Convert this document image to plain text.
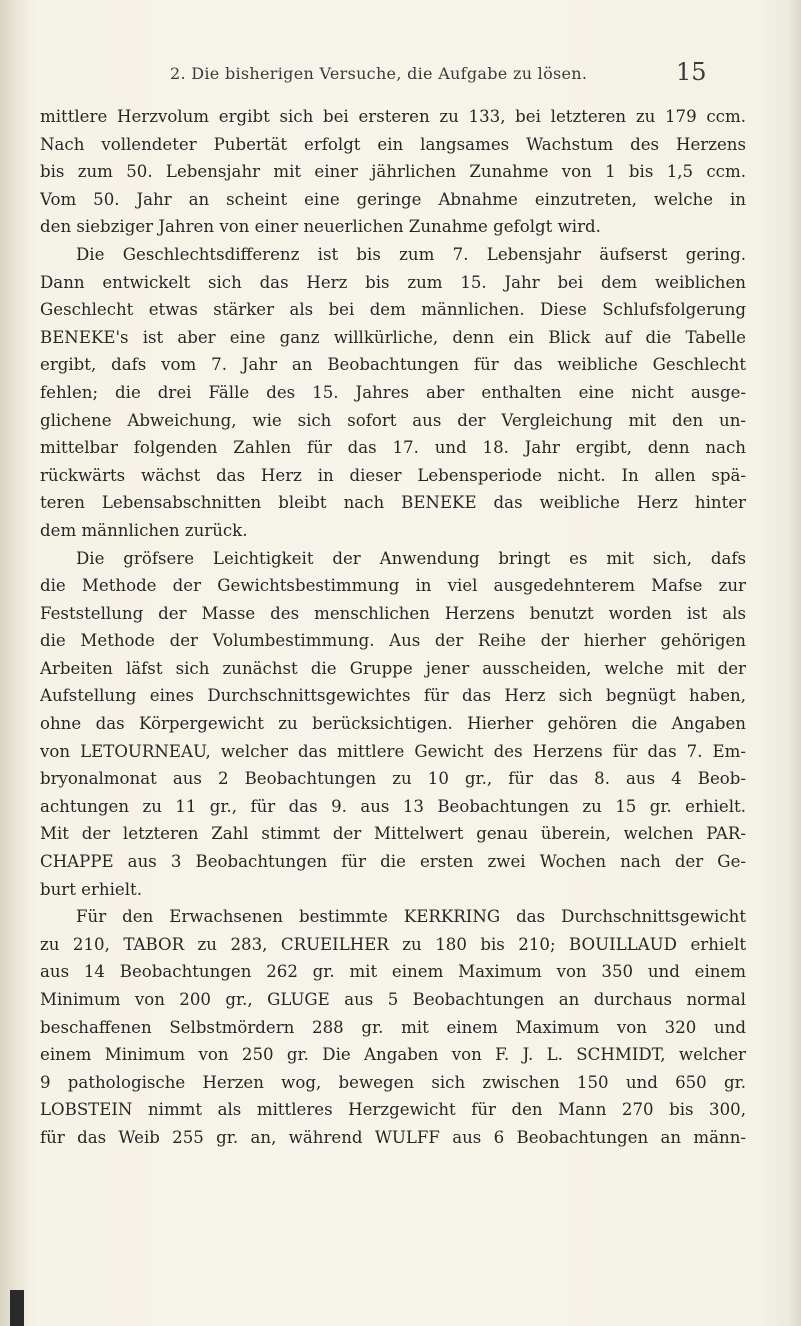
2. Die bisherigen Versuche, die Aufgabe zu lösen.	15
mittlere Herzvolum ergibt sich bei ersteren zu 133, bei letzteren zu 179 ccm.
Nach vollendeter Pubertät erfolgt ein langsames Wachstum des Herzens
bis zum 50. Lebensjahr mit einer jährlichen Zunahme von 1 bis 1,5 ccm.
Vom 50. Jahr an scheint eine geringe Abnahme einzutreten, welche in
den siebziger Jahren von einer neuerlichen Zunahme gefolgt wird.
Die Geschlechtsdifferenz ist bis zum 7. Lebensjahr äufserst gering.
Dann entwickelt sich das Herz bis zum 15. Jahr bei dem weiblichen
Geschlecht etwas stärker als bei dem männlichen. Diese Schlufsfolgerung
BENEKE's ist aber eine ganz willkürliche, denn ein Blick auf die Tabelle
ergibt, dafs vom 7. Jahr an Beobachtungen für das weibliche Geschlecht
fehlen; die drei Fälle des 15. Jahres aber enthalten eine nicht ausge-
glichene Abweichung, wie sich sofort aus der Vergleichung mit den un-
mittelbar folgenden Zahlen für das 17. und 18. Jahr ergibt, denn nach
rückwärts wächst das Herz in dieser Lebensperiode nicht. In allen spä-
teren Lebensabschnitten bleibt nach BENEKE das weibliche Herz hinter
dem männlichen zurück.
Die gröfsere Leichtigkeit der Anwendung bringt es mit sich, dafs
die Methode der Gewichtsbestimmung in viel ausgedehnterem Mafse zur
Feststellung der Masse des menschlichen Herzens benutzt worden ist als
die Methode der Volumbestimmung. Aus der Reihe der hierher gehörigen
Arbeiten läfst sich zunächst die Gruppe jener ausscheiden, welche mit der
Aufstellung eines Durchschnittsgewichtes für das Herz sich begnügt haben,
ohne das Körpergewicht zu berücksichtigen. Hierher gehören die Angaben
von LETOURNEAU, welcher das mittlere Gewicht des Herzens für das 7. Em-
bryonalmonat aus 2 Beobachtungen zu 10 gr., für das 8. aus 4 Beob-
achtungen zu 11 gr., für das 9. aus 13 Beobachtungen zu 15 gr. erhielt.
Mit der letzteren Zahl stimmt der Mittelwert genau überein, welchen PAR-
CHAPPE aus 3 Beobachtungen für die ersten zwei Wochen nach der Ge-
burt erhielt.
Für den Erwachsenen bestimmte KERKRING das Durchschnittsgewicht
zu 210, TABOR zu 283, CRUEILHER zu 180 bis 210; BOUILLAUD erhielt
aus 14 Beobachtungen 262 gr. mit einem Maximum von 350 und einem
Minimum von 200 gr., GLUGE aus 5 Beobachtungen an durchaus normal
beschaffenen Selbstmördern 288 gr. mit einem Maximum von 320 und
einem Minimum von 250 gr. Die Angaben von F. J. L. SCHMIDT, welcher
9 pathologische Herzen wog, bewegen sich zwischen 150 und 650 gr.
LOBSTEIN nimmt als mittleres Herzgewicht für den Mann 270 bis 300,
für das Weib 255 gr. an, während WULFF aus 6 Beobachtungen an männ-
